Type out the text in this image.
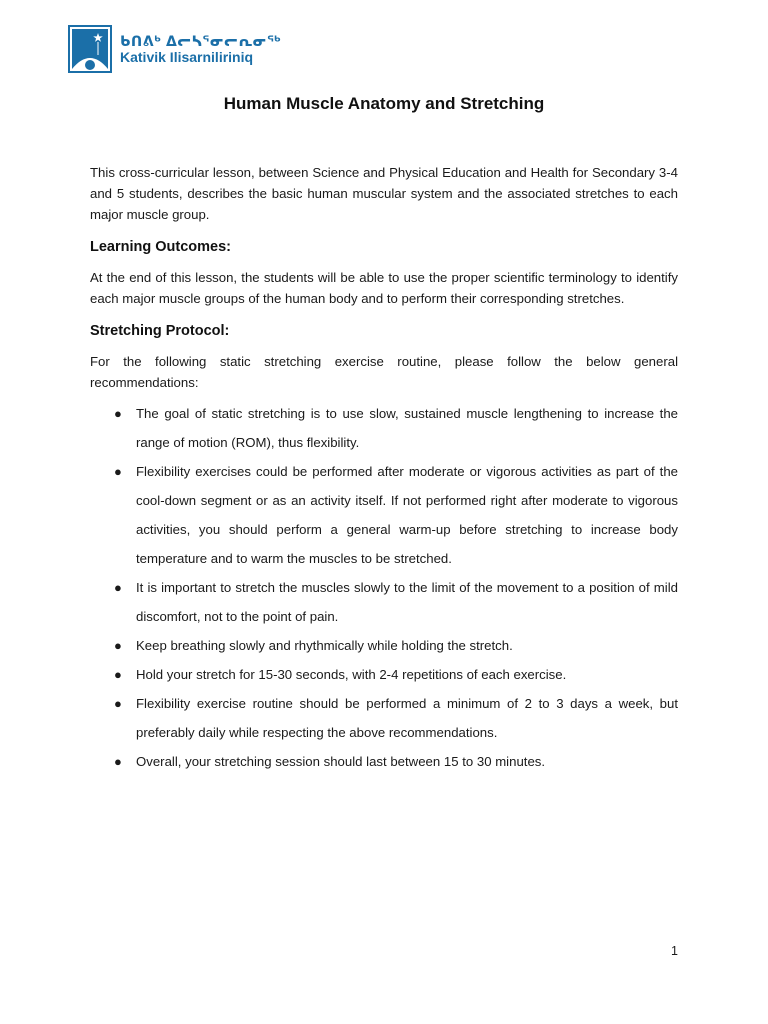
ᑲᑎᕕᒃ ᐃᓕᓴᕐᓂᓕᕆᓂᖅ
Kativik Ilisarniliriniq
Human Muscle Anatomy and Stretching

This cross-curricular lesson, between Science and Physical Education and Health for Secondary 3-4 and 5 students, describes the basic human muscular system and the associated stretches to each major muscle group.

Learning Outcomes:

At the end of this lesson, the students will be able to use the proper scientific terminology to identify each major muscle groups of the human body and to perform their corresponding stretches.

Stretching Protocol:

For the following static stretching exercise routine, please follow the below general recommendations:

● The goal of static stretching is to use slow, sustained muscle lengthening to increase the range of motion (ROM), thus flexibility.
● Flexibility exercises could be performed after moderate or vigorous activities as part of the cool-down segment or as an activity itself. If not performed right after moderate to vigorous activities, you should perform a general warm-up before stretching to increase body temperature and to warm the muscles to be stretched.
● It is important to stretch the muscles slowly to the limit of the movement to a position of mild discomfort, not to the point of pain.
● Keep breathing slowly and rhythmically while holding the stretch.
● Hold your stretch for 15-30 seconds, with 2-4 repetitions of each exercise.
● Flexibility exercise routine should be performed a minimum of 2 to 3 days a week, but preferably daily while respecting the above recommendations.
● Overall, your stretching session should last between 15 to 30 minutes.

1
